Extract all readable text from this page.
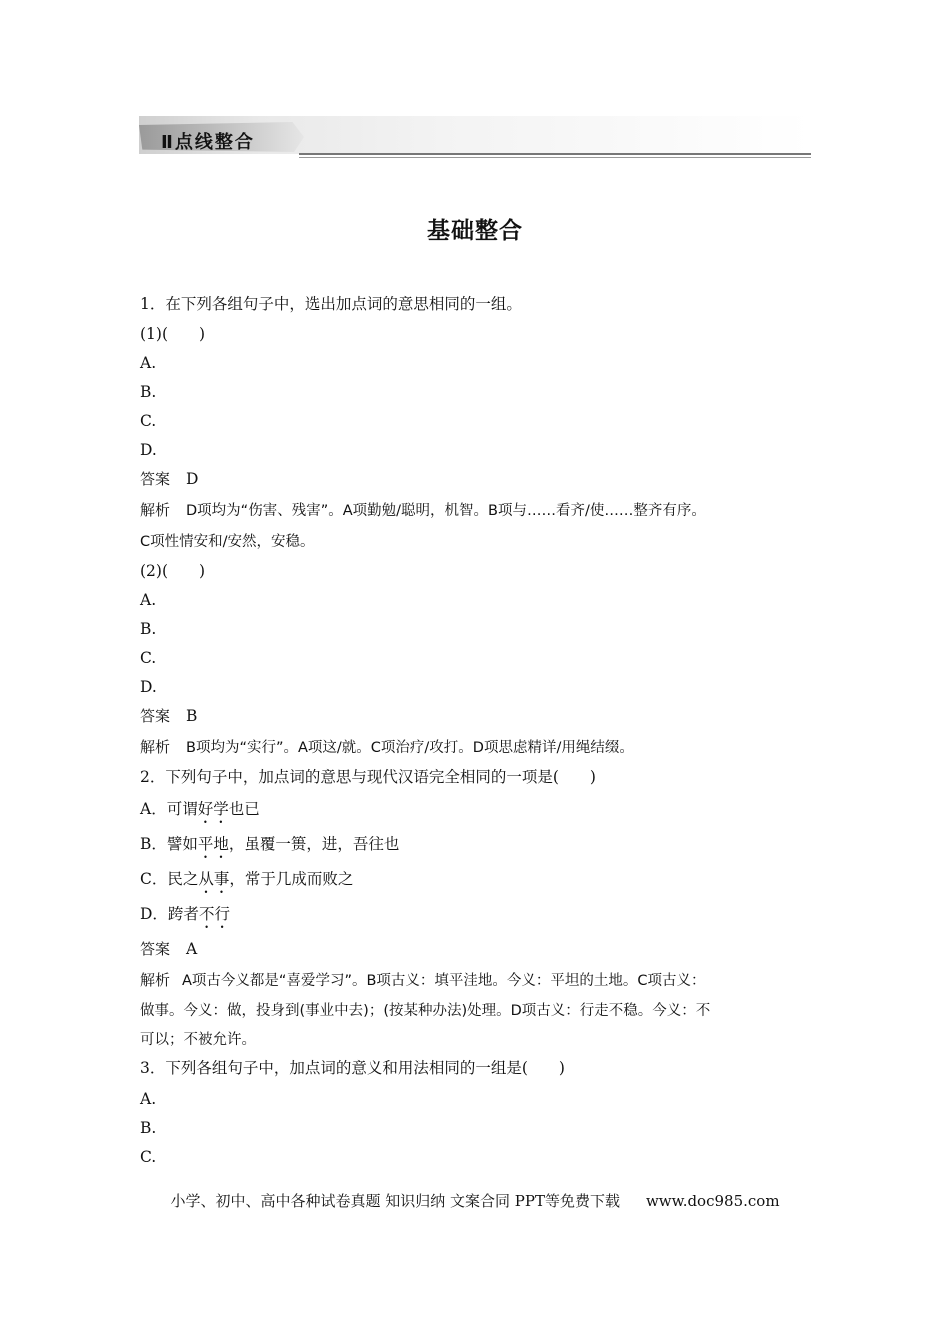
Ⅱ点线整合
基础整合
1．在下列各组句子中，选出加点词的意思相同的一组。
(1)(　　)
A.
B.
C.
D.
答案 D
解析 D项均为“伤害、残害”。A项勤勉/聪明，机智。B项与……看齐/使……整齐有序。
C项性情安和/安然，安稳。
(2)(　　)
A.
B.
C.
D.
答案 B
解析 B项均为“实行”。A项这/就。C项治疗/攻打。D项思虑精详/用绳结缀。
2．下列句子中，加点词的意思与现代汉语完全相同的一项是(　　)
A．可谓好学也已
B．譬如平地，虽覆一篑，进，吾往也
C．民之从事，常于几成而败之
D．跨者不行
答案 A
解析 A项古今义都是“喜爱学习”。B项古义：填平洼地。今义：平坦的土地。C项古义：
做事。今义：做，投身到(事业中去)；(按某种办法)处理。D项古义：行走不稳。今义：不
可以；不被允许。
3．下列各组句子中，加点词的意义和用法相同的一组是(　　)
A.
B.
C.
小学、初中、高中各种试卷真题 知识归纳 文案合同 PPT等免费下载 www.doc985.com
